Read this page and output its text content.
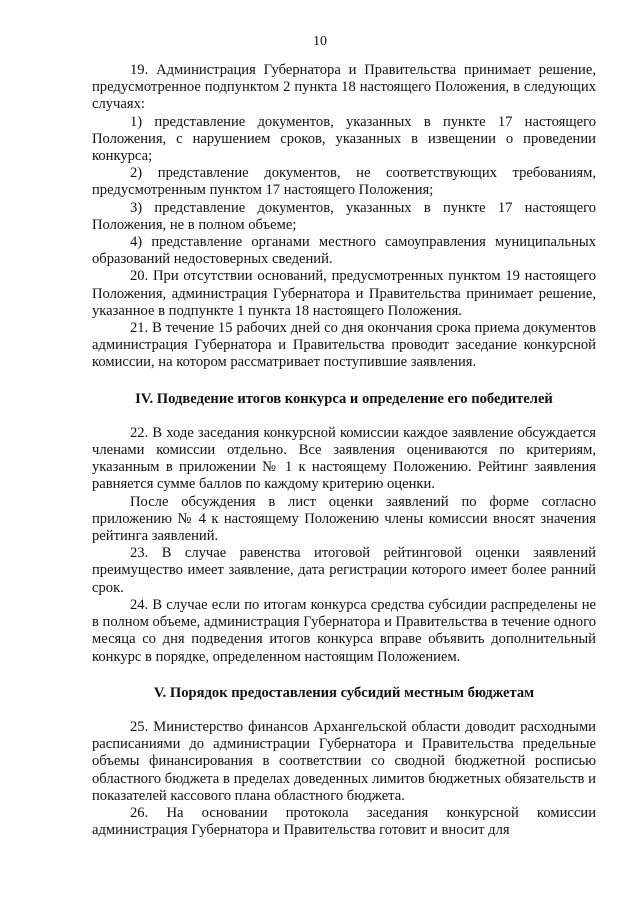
10

19. Администрация Губернатора и Правительства принимает решение, предусмотренное подпунктом 2 пункта 18 настоящего Положения, в следующих случаях:

1) представление документов, указанных в пункте 17 настоящего Положения, с нарушением сроков, указанных в извещении о проведении конкурса;

2) представление документов, не соответствующих требованиям, предусмотренным пунктом 17 настоящего Положения;

3) представление документов, указанных в пункте 17 настоящего Положения, не в полном объеме;

4) представление органами местного самоуправления муниципальных образований недостоверных сведений.

20. При отсутствии оснований, предусмотренных пунктом 19 настоящего Положения, администрация Губернатора и Правительства принимает решение, указанное в подпункте 1 пункта 18 настоящего Положения.

21. В течение 15 рабочих дней со дня окончания срока приема документов администрация Губернатора и Правительства проводит заседание конкурсной комиссии, на котором рассматривает поступившие заявления.

IV. Подведение итогов конкурса и определение его победителей

22. В ходе заседания конкурсной комиссии каждое заявление обсуждается членами комиссии отдельно. Все заявления оцениваются по критериям, указанным в приложении № 1 к настоящему Положению. Рейтинг заявления равняется сумме баллов по каждому критерию оценки.

После обсуждения в лист оценки заявлений по форме согласно приложению № 4 к настоящему Положению члены комиссии вносят значения рейтинга заявлений.

23. В случае равенства итоговой рейтинговой оценки заявлений преимущество имеет заявление, дата регистрации которого имеет более ранний срок.

24. В случае если по итогам конкурса средства субсидии распределены не в полном объеме, администрация Губернатора и Правительства в течение одного месяца со дня подведения итогов конкурса вправе объявить дополнительный конкурс в порядке, определенном настоящим Положением.

V. Порядок предоставления субсидий местным бюджетам

25. Министерство финансов Архангельской области доводит расходными расписаниями до администрации Губернатора и Правительства предельные объемы финансирования в соответствии со сводной бюджетной росписью областного бюджета в пределах доведенных лимитов бюджетных обязательств и показателей кассового плана областного бюджета.

26. На основании протокола заседания конкурсной комиссии администрация Губернатора и Правительства готовит и вносит для
